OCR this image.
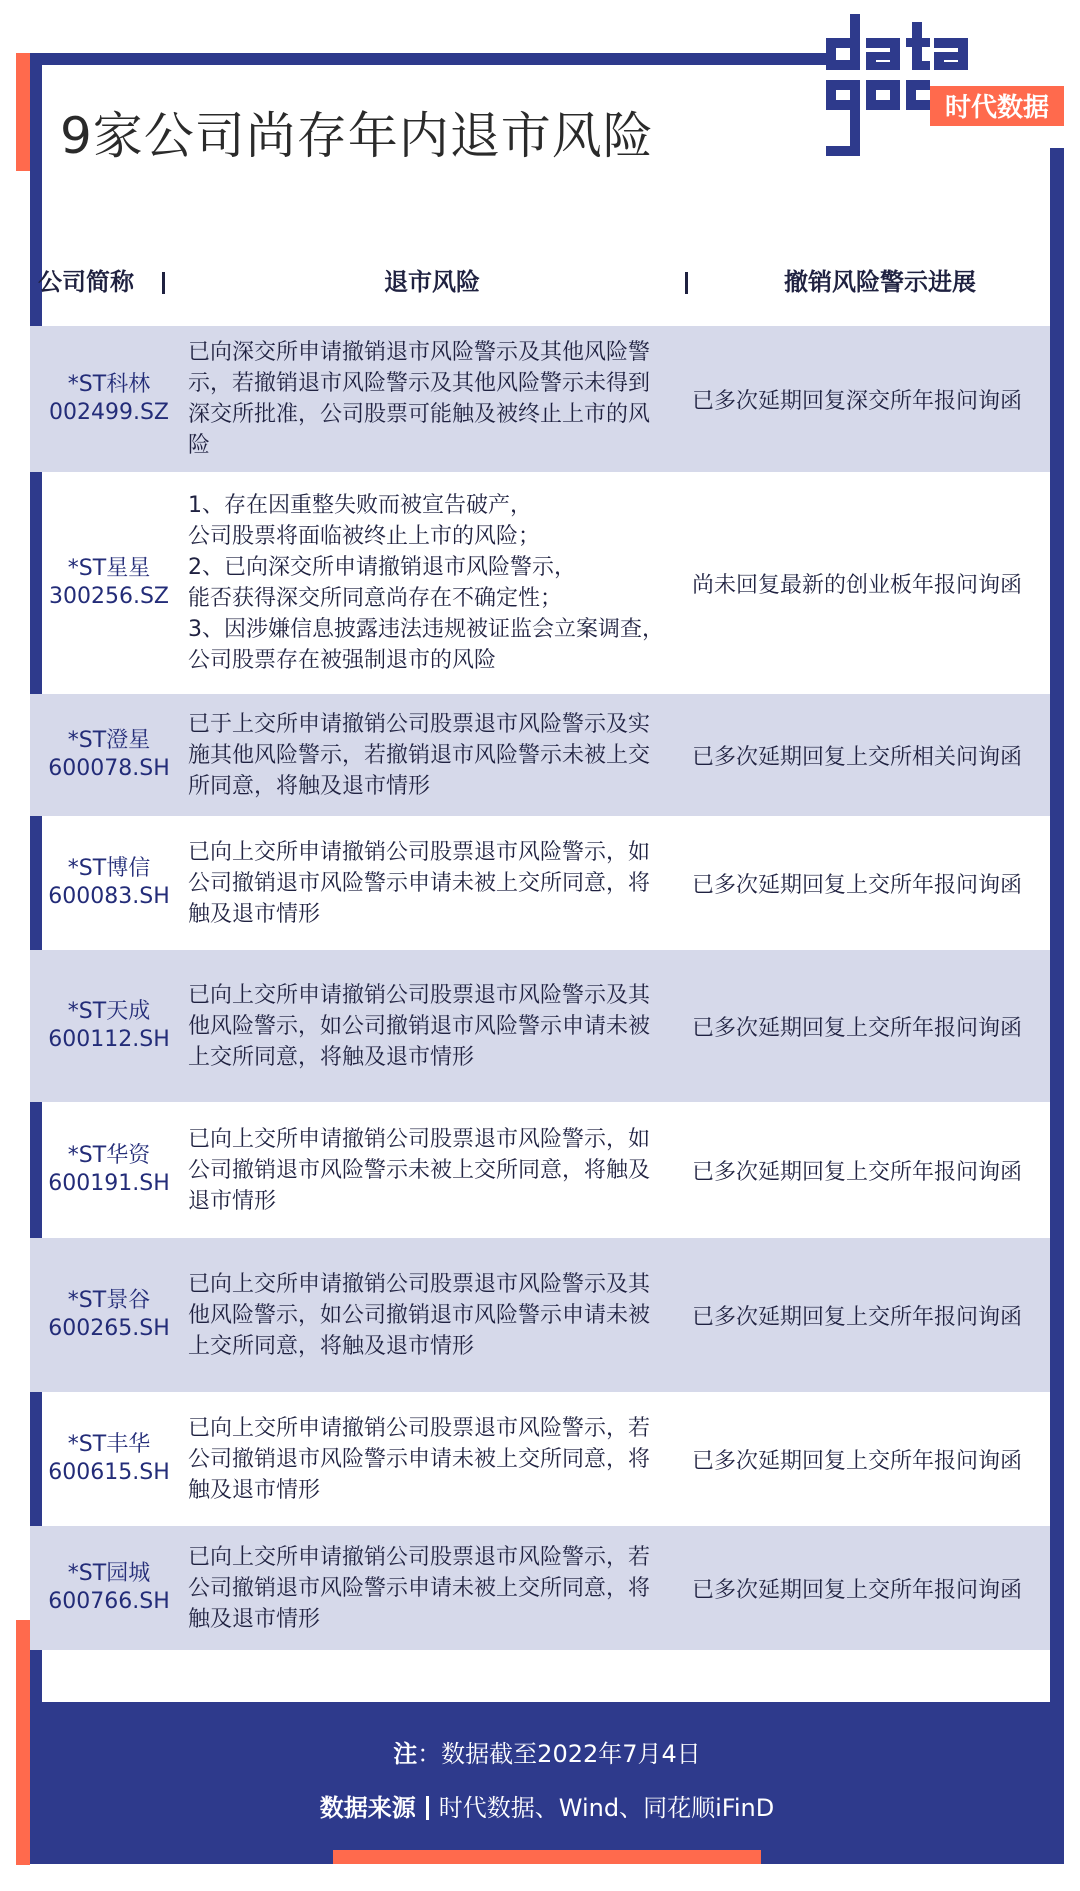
时代数据
9家公司尚存年内退市风险
公司简称	退市风险	撤销风险警示进展
*ST科林
002499.SZ
已向深交所申请撤销退市风险警示及其他风险警示，若撤销退市风险警示及其他风险警示未得到深交所批准，公司股票可能触及被终止上市的风险
已多次延期回复深交所年报问询函
*ST星星
300256.SZ
1、存在因重整失败而被宣告破产，
公司股票将面临被终止上市的风险；
2、已向深交所申请撤销退市风险警示，
能否获得深交所同意尚存在不确定性；
3、因涉嫌信息披露违法违规被证监会立案调查，公司股票存在被强制退市的风险
尚未回复最新的创业板年报问询函
*ST澄星
600078.SH
已于上交所申请撤销公司股票退市风险警示及实施其他风险警示，若撤销退市风险警示未被上交所同意，将触及退市情形
已多次延期回复上交所相关问询函
*ST博信
600083.SH
已向上交所申请撤销公司股票退市风险警示，如公司撤销退市风险警示申请未被上交所同意，将触及退市情形
已多次延期回复上交所年报问询函
*ST天成
600112.SH
已向上交所申请撤销公司股票退市风险警示及其他风险警示，如公司撤销退市风险警示申请未被上交所同意，将触及退市情形
已多次延期回复上交所年报问询函
*ST华资
600191.SH
已向上交所申请撤销公司股票退市风险警示，如公司撤销退市风险警示未被上交所同意，将触及退市情形
已多次延期回复上交所年报问询函
*ST景谷
600265.SH
已向上交所申请撤销公司股票退市风险警示及其他风险警示，如公司撤销退市风险警示申请未被上交所同意，将触及退市情形
已多次延期回复上交所年报问询函
*ST丰华
600615.SH
已向上交所申请撤销公司股票退市风险警示，若公司撤销退市风险警示申请未被上交所同意，将触及退市情形
已多次延期回复上交所年报问询函
*ST园城
600766.SH
已向上交所申请撤销公司股票退市风险警示，若公司撤销退市风险警示申请未被上交所同意，将触及退市情形
已多次延期回复上交所年报问询函
注：数据截至2022年7月4日
数据来源 时代数据、Wind、同花顺iFinD
